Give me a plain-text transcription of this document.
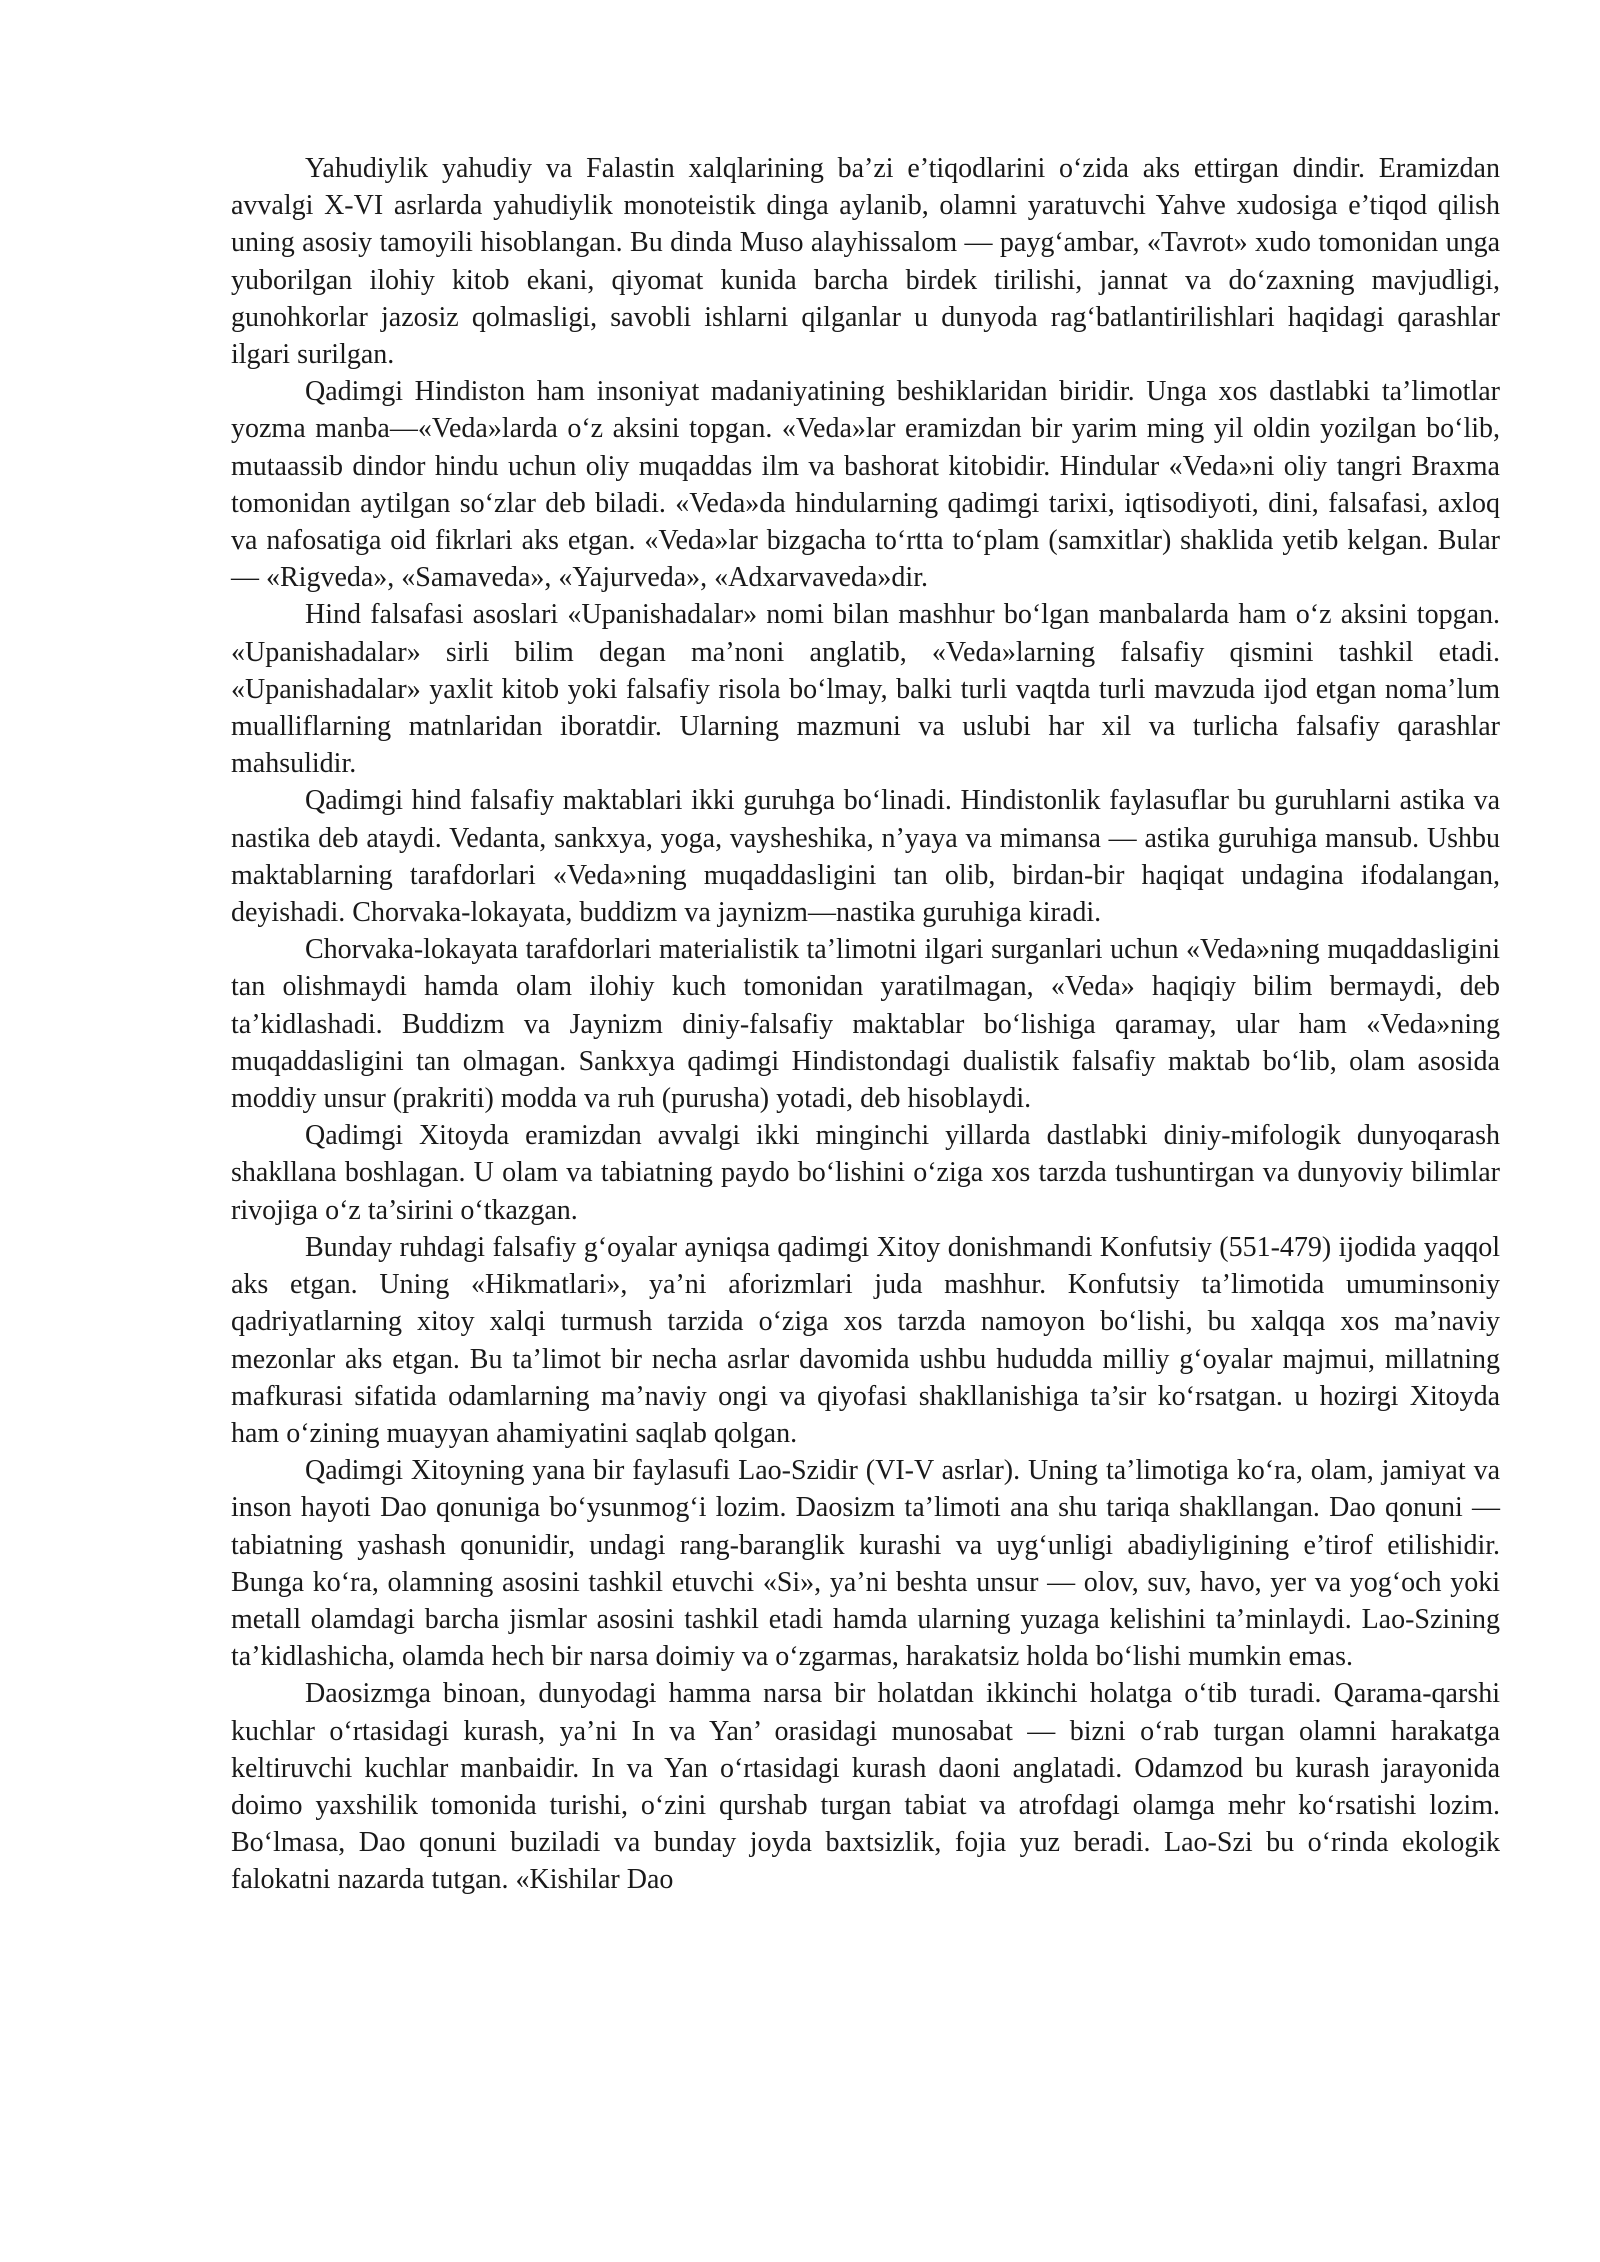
Yahudiylik yahudiy va Falastin xalqlarining ba’zi e’tiqodlarini o‘zida aks ettirgan dindir. Eramizdan avvalgi X-VI asrlarda yahudiylik monoteistik dinga aylanib, olamni yaratuvchi Yahve xudosiga e’tiqod qilish uning asosiy tamoyili hisoblangan. Bu dinda Muso alayhissalom — payg‘ambar, «Tavrot» xudo tomonidan unga yuborilgan ilohiy kitob ekani, qiyomat kunida barcha birdek tirilishi, jannat va do‘zaxning mavjudligi, gunohkorlar jazosiz qolmasligi, savobli ishlarni qilganlar u dunyoda rag‘batlantirilishlari haqidagi qarashlar ilgari surilgan.

Qadimgi Hindiston ham insoniyat madaniyatining beshiklaridan biridir. Unga xos dastlabki ta’limotlar yozma manba—«Veda»larda o‘z aksini topgan. «Veda»lar eramizdan bir yarim ming yil oldin yozilgan bo‘lib, mutaassib dindor hindu uchun oliy muqaddas ilm va bashorat kitobidir. Hindular «Veda»ni oliy tangri Braxma tomonidan aytilgan so‘zlar deb biladi. «Veda»da hindularning qadimgi tarixi, iqtisodiyoti, dini, falsafasi, axloq va nafosatiga oid fikrlari aks etgan. «Veda»lar bizgacha to‘rtta to‘plam (samxitlar) shaklida yetib kelgan. Bular — «Rigveda», «Samaveda», «Yajurveda», «Adxarvaveda»dir.

Hind falsafasi asoslari «Upanishadalar» nomi bilan mashhur bo‘lgan manbalarda ham o‘z aksini topgan. «Upanishadalar» sirli bilim degan ma’noni anglatib, «Veda»larning falsafiy qismini tashkil etadi. «Upanishadalar» yaxlit kitob yoki falsafiy risola bo‘lmay, balki turli vaqtda turli mavzuda ijod etgan noma’lum mualliflarning matnlaridan iboratdir. Ularning mazmuni va uslubi har xil va turlicha falsafiy qarashlar mahsulidir.

Qadimgi hind falsafiy maktablari ikki guruhga bo‘linadi. Hindistonlik faylasuflar bu guruhlarni astika va nastika deb ataydi. Vedanta, sankxya, yoga, vaysheshika, n’yaya va mimansa — astika guruhiga mansub. Ushbu maktablarning tarafdorlari «Veda»ning muqaddasligini tan olib, birdan-bir haqiqat undagina ifodalangan, deyishadi. Chorvaka-lokayata, buddizm va jaynizm—nastika guruhiga kiradi.

Chorvaka-lokayata tarafdorlari materialistik ta’limotni ilgari surganlari uchun «Veda»ning muqaddasligini tan olishmaydi hamda olam ilohiy kuch tomonidan yaratilmagan, «Veda» haqiqiy bilim bermaydi, deb ta’kidlashadi. Buddizm va Jaynizm diniy-falsafiy maktablar bo‘lishiga qaramay, ular ham «Veda»ning muqaddasligini tan olmagan. Sankxya qadimgi Hindistondagi dualistik falsafiy maktab bo‘lib, olam asosida moddiy unsur (prakriti) modda va ruh (purusha) yotadi, deb hisoblaydi.

Qadimgi Xitoyda eramizdan avvalgi ikki minginchi yillarda dastlabki diniy-mifologik dunyoqarash shakllana boshlagan. U olam va tabiatning paydo bo‘lishini o‘ziga xos tarzda tushuntirgan va dunyoviy bilimlar rivojiga o‘z ta’sirini o‘tkazgan.

Bunday ruhdagi falsafiy g‘oyalar ayniqsa qadimgi Xitoy donishmandi Konfutsiy (551-479) ijodida yaqqol aks etgan. Uning «Hikmatlari», ya’ni aforizmlari juda mashhur. Konfutsiy ta’limotida umuminsoniy qadriyatlarning xitoy xalqi turmush tarzida o‘ziga xos tarzda namoyon bo‘lishi, bu xalqqa xos ma’naviy mezonlar aks etgan. Bu ta’limot bir necha asrlar davomida ushbu hududda milliy g‘oyalar majmui, millatning mafkurasi sifatida odamlarning ma’naviy ongi va qiyofasi shakllanishiga ta’sir ko‘rsatgan. u hozirgi Xitoyda ham o‘zining muayyan ahamiyatini saqlab qolgan.

Qadimgi Xitoyning yana bir faylasufi Lao-Szidir (VI-V asrlar). Uning ta’limotiga ko‘ra, olam, jamiyat va inson hayoti Dao qonuniga bo‘ysunmog‘i lozim. Daosizm ta’limoti ana shu tariqa shakllangan. Dao qonuni — tabiatning yashash qonunidir, undagi rang-baranglik kurashi va uyg‘unligi abadiyligining e’tirof etilishidir. Bunga ko‘ra, olamning asosini tashkil etuvchi «Si», ya’ni beshta unsur — olov, suv, havo, yer va yog‘och yoki metall olamdagi barcha jismlar asosini tashkil etadi hamda ularning yuzaga kelishini ta’minlaydi. Lao-Szining ta’kidlashicha, olamda hech bir narsa doimiy va o‘zgarmas, harakatsiz holda bo‘lishi mumkin emas.

Daosizmga binoan, dunyodagi hamma narsa bir holatdan ikkinchi holatga o‘tib turadi. Qarama-qarshi kuchlar o‘rtasidagi kurash, ya’ni In va Yan’ orasidagi munosabat — bizni o‘rab turgan olamni harakatga keltiruvchi kuchlar manbaidir. In va Yan o‘rtasidagi kurash daoni anglatadi. Odamzod bu kurash jarayonida doimo yaxshilik tomonida turishi, o‘zini qurshab turgan tabiat va atrofdagi olamga mehr ko‘rsatishi lozim. Bo‘lmasa, Dao qonuni buziladi va bunday joyda baxtsizlik, fojia yuz beradi. Lao-Szi bu o‘rinda ekologik falokatni nazarda tutgan. «Kishilar Dao
